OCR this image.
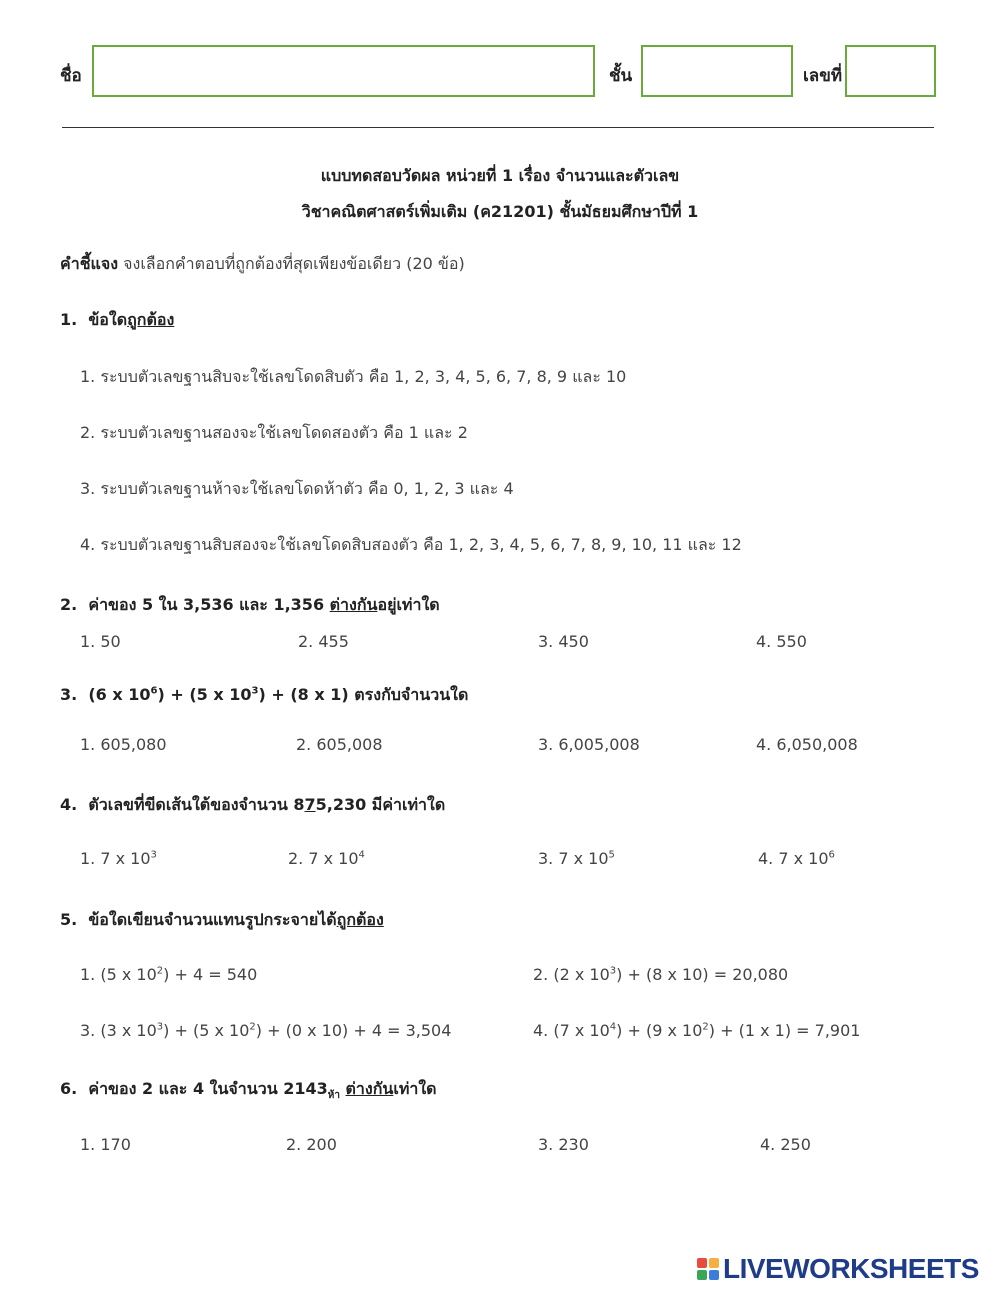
ชื่อ	ชั้น	เลขที่
แบบทดสอบวัดผล หน่วยที่ 1 เรื่อง จำนวนและตัวเลข
วิชาคณิตศาสตร์เพิ่มเติม (ค21201) ชั้นมัธยมศึกษาปีที่ 1
คำชี้แจง จงเลือกคำตอบที่ถูกต้องที่สุดเพียงข้อเดียว (20 ข้อ)
1. ข้อใดถูกต้อง
1. ระบบตัวเลขฐานสิบจะใช้เลขโดดสิบตัว คือ 1, 2, 3, 4, 5, 6, 7, 8, 9 และ 10
2. ระบบตัวเลขฐานสองจะใช้เลขโดดสองตัว คือ 1 และ 2
3. ระบบตัวเลขฐานห้าจะใช้เลขโดดห้าตัว คือ 0, 1, 2, 3 และ 4
4. ระบบตัวเลขฐานสิบสองจะใช้เลขโดดสิบสองตัว คือ 1, 2, 3, 4, 5, 6, 7, 8, 9, 10, 11 และ 12
2. ค่าของ 5 ใน 3,536 และ 1,356 ต่างกันอยู่เท่าใด
1. 50	2. 455	3. 450	4. 550
3. (6 x $10^6) + (5$ x $10^3) + (8$ x 1) ตรงกับจำนวนใด
1. 605,080	2. 605,008	3. 6,005,008	4. 6,050,008
4. ตัวเลขที่ขีดเส้นใต้ของจำนวน 875,230 มีค่าเท่าใด
1. 7 x $10^3$	2. 7 x $10^4$	3. 7 x $10^5$	4. 7 x $10^6$
5. ข้อใดเขียนจำนวนแทนรูปกระจายได้ถูกต้อง
1. (5 x $10^2) + 4 = 540$	2. (2 x $10^3) + (8$ x 10) = 20,080
3. (3 x $10^3) + (5$ x $10^2) + (0$ x 10) + 4 = 3,504	4. (7 x $10^4) + (9$ x $10^2) + (1$ x 1) = 7,901
6. ค่าของ 2 และ 4 ในจำนวน $2143_{ห้า}$ ต่างกันเท่าใด
1. 170	2. 200	3. 230	4. 250
LIVEWORKSHEETS
